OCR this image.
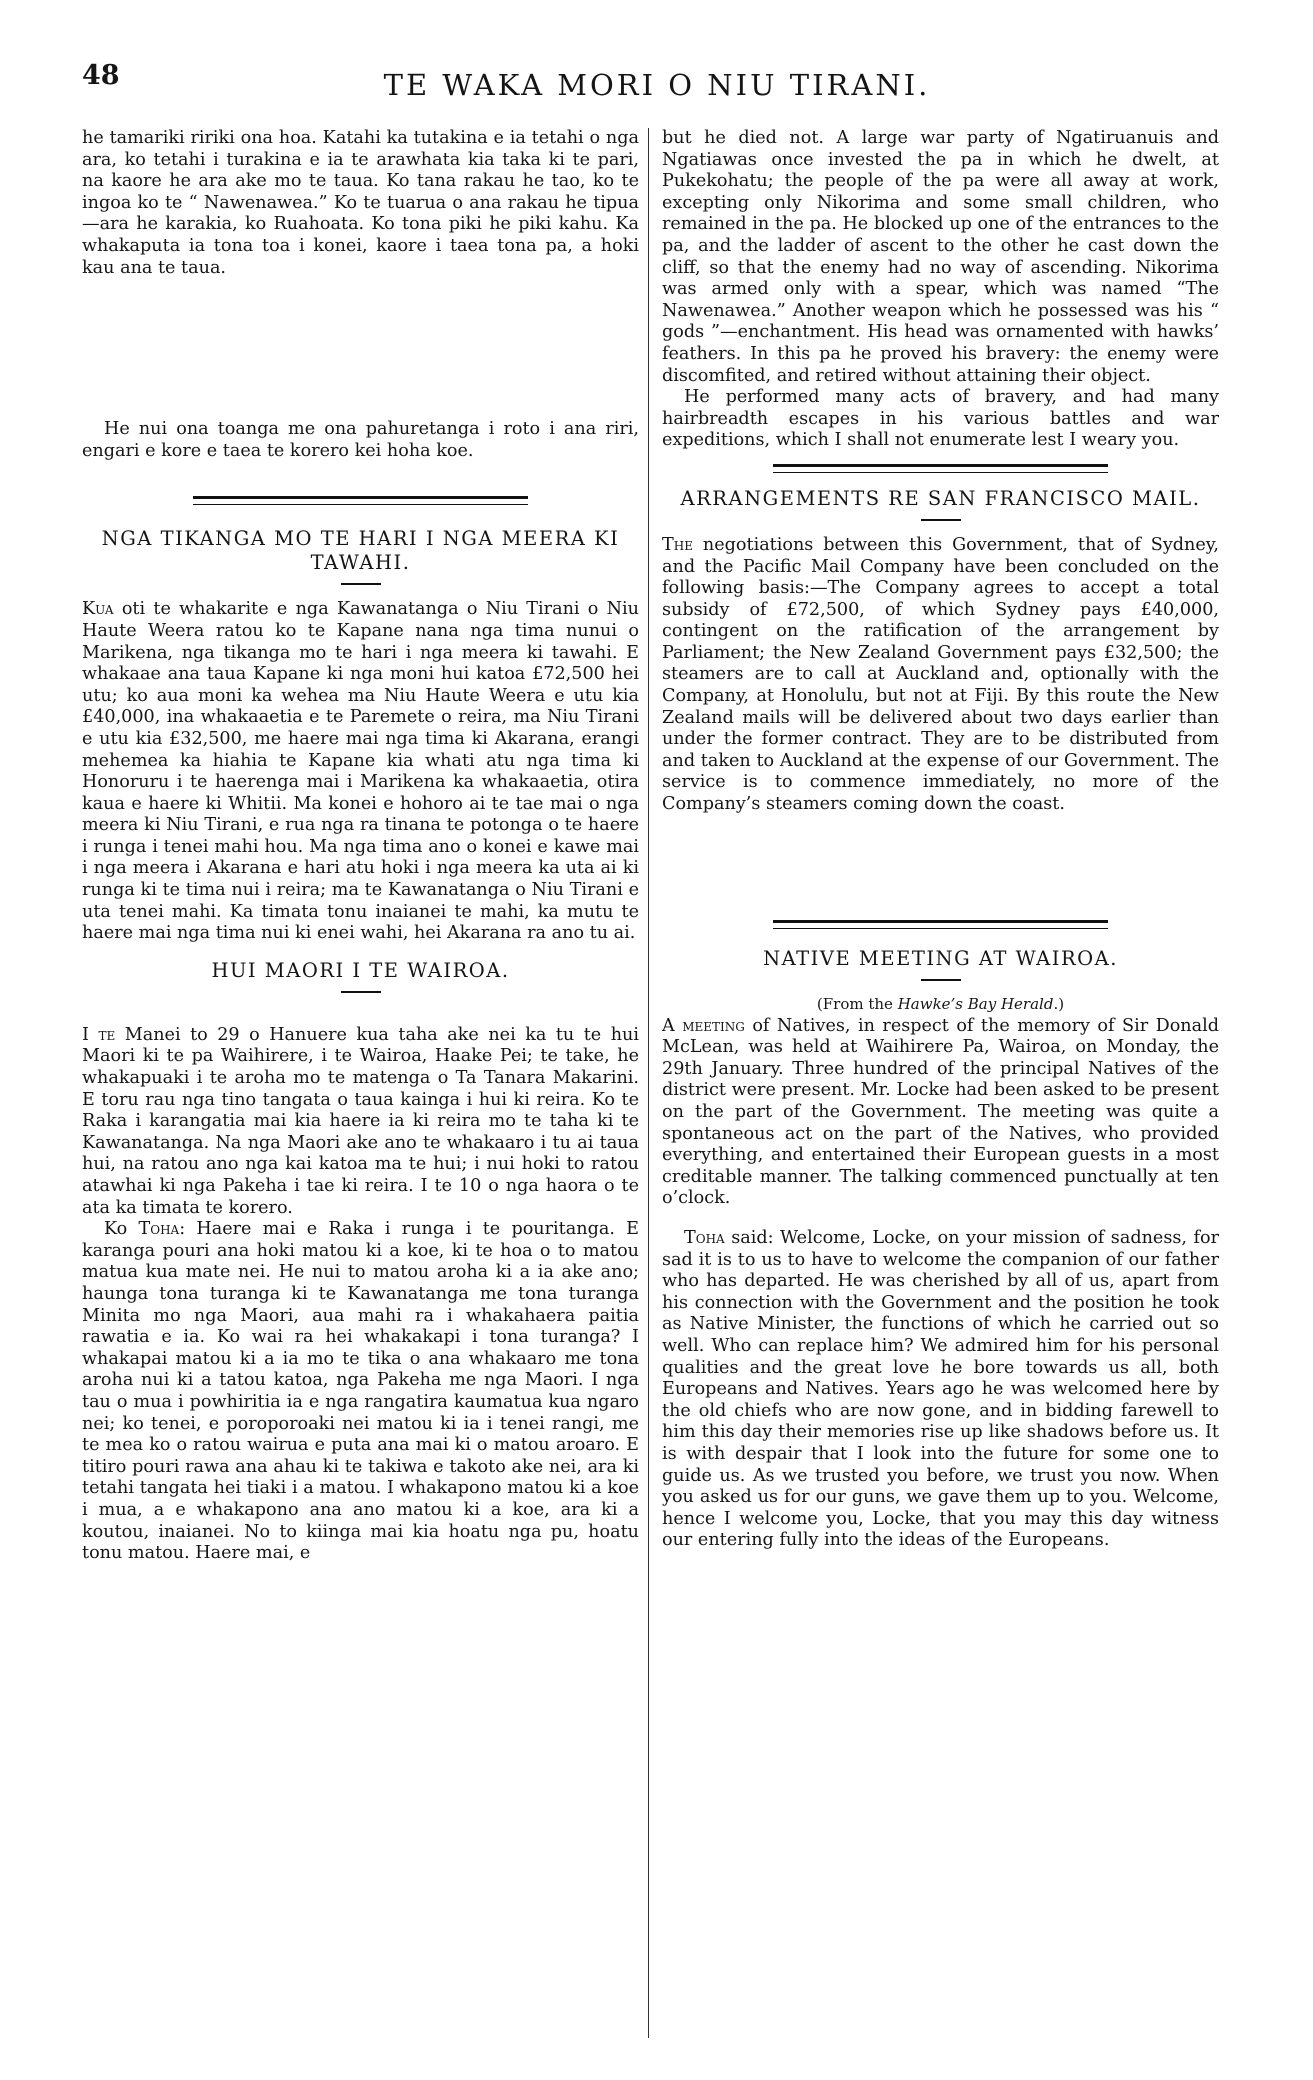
48	TE WAKA MORI O NIU TIRANI.

he tamariki ririki ona hoa. Katahi ka tutakina e ia tetahi o nga ara, ko tetahi i turakina e ia te arawhata kia taka ki te pari, na kaore he ara ake mo te taua. Ko tana rakau he tao, ko te ingoa ko te “ Nawenawea.” Ko te tuarua o ana rakau he tipua—ara he karakia, ko Ruahoata. Ko tona piki he piki kahu. Ka whakaputa ia tona toa i konei, kaore i taea tona pa, a hoki kau ana te taua.

He nui ona toanga me ona pahuretanga i roto i ana riri, engari e kore e taea te korero kei hoha koe.

NGA TIKANGA MO TE HARI I NGA MEERA KI TAWAHI.

Kua oti te whakarite e nga Kawanatanga o Niu Tirani o Niu Haute Weera ratou ko te Kapane nana nga tima nunui o Marikena, nga tikanga mo te hari i nga meera ki tawahi. E whakaae ana taua Kapane ki nga moni hui katoa £72,500 hei utu; ko aua moni ka wehea ma Niu Haute Weera e utu kia £40,000, ina whakaaetia e te Paremete o reira, ma Niu Tirani e utu kia £32,500, me haere mai nga tima ki Akarana, erangi mehemea ka hiahia te Kapane kia whati atu nga tima ki Honoruru i te haerenga mai i Marikena ka whakaaetia, otira kaua e haere ki Whitii. Ma konei e hohoro ai te tae mai o nga meera ki Niu Tirani, e rua nga ra tinana te potonga o te haere i runga i tenei mahi hou. Ma nga tima ano o konei e kawe mai i nga meera i Akarana e hari atu hoki i nga meera ka uta ai ki runga ki te tima nui i reira; ma te Kawanatanga o Niu Tirani e uta tenei mahi. Ka timata tonu inaianei te mahi, ka mutu te haere mai nga tima nui ki enei wahi, hei Akarana ra ano tu ai.

HUI MAORI I TE WAIROA.

I te Manei to 29 o Hanuere kua taha ake nei ka tu te hui Maori ki te pa Waihirere, i te Wairoa, Haake Pei; te take, he whakapuaki i te aroha mo te matenga o Ta Tanara Makarini. E toru rau nga tino tangata o taua kainga i hui ki reira. Ko te Raka i karangatia mai kia haere ia ki reira mo te taha ki te Kawanatanga. Na nga Maori ake ano te whakaaro i tu ai taua hui, na ratou ano nga kai katoa ma te hui; i nui hoki to ratou atawhai ki nga Pakeha i tae ki reira. I te 10 o nga haora o te ata ka timata te korero.

Ko Toha: Haere mai e Raka i runga i te pouritanga. E karanga pouri ana hoki matou ki a koe, ki te hoa o to matou matua kua mate nei. He nui to matou aroha ki a ia ake ano; haunga tona turanga ki te Kawanatanga me tona turanga Minita mo nga Maori, aua mahi ra i whakahaera paitia rawatia e ia. Ko wai ra hei whakakapi i tona turanga? I whakapai matou ki a ia mo te tika o ana whakaaro me tona aroha nui ki a tatou katoa, nga Pakeha me nga Maori. I nga tau o mua i powhiritia ia e nga rangatira kaumatua kua ngaro nei; ko tenei, e poroporoaki nei matou ki ia i tenei rangi, me te mea ko o ratou wairua e puta ana mai ki o matou aroaro. E titiro pouri rawa ana ahau ki te takiwa e takoto ake nei, ara ki tetahi tangata hei tiaki i a matou. I whakapono matou ki a koe i mua, a e whakapono ana ano matou ki a koe, ara ki a koutou, inaianei. No to kiinga mai kia hoatu nga pu, hoatu tonu matou. Haere mai, e

but he died not. A large war party of Ngatiruanuis and Ngatiawas once invested the pa in which he dwelt, at Pukekohatu; the people of the pa were all away at work, excepting only Nikorima and some small children, who remained in the pa. He blocked up one of the entrances to the pa, and the ladder of ascent to the other he cast down the cliff, so that the enemy had no way of ascending. Nikorima was armed only with a spear, which was named “The Nawenawea.” Another weapon which he possessed was his “ gods ”—enchantment. His head was ornamented with hawks’ feathers. In this pa he proved his bravery: the enemy were discomfited, and retired without attaining their object.

He performed many acts of bravery, and had many hairbreadth escapes in his various battles and war expeditions, which I shall not enumerate lest I weary you.

ARRANGEMENTS RE SAN FRANCISCO MAIL.

The negotiations between this Government, that of Sydney, and the Pacific Mail Company have been concluded on the following basis:—The Company agrees to accept a total subsidy of £72,500, of which Sydney pays £40,000, contingent on the ratification of the arrangement by Parliament; the New Zealand Government pays £32,500; the steamers are to call at Auckland and, optionally with the Company, at Honolulu, but not at Fiji. By this route the New Zealand mails will be delivered about two days earlier than under the former contract. They are to be distributed from and taken to Auckland at the expense of our Government. The service is to commence immediately, no more of the Company’s steamers coming down the coast.

NATIVE MEETING AT WAIROA.
(From the Hawke’s Bay Herald.)

A meeting of Natives, in respect of the memory of Sir Donald McLean, was held at Waihirere Pa, Wairoa, on Monday, the 29th January. Three hundred of the principal Natives of the district were present. Mr. Locke had been asked to be present on the part of the Government. The meeting was quite a spontaneous act on the part of the Natives, who provided everything, and entertained their European guests in a most creditable manner. The talking commenced punctually at ten o’clock.

Toha said: Welcome, Locke, on your mission of sadness, for sad it is to us to have to welcome the companion of our father who has departed. He was cherished by all of us, apart from his connection with the Government and the position he took as Native Minister, the functions of which he carried out so well. Who can replace him? We admired him for his personal qualities and the great love he bore towards us all, both Europeans and Natives. Years ago he was welcomed here by the old chiefs who are now gone, and in bidding farewell to him this day their memories rise up like shadows before us. It is with despair that I look into the future for some one to guide us. As we trusted you before, we trust you now. When you asked us for our guns, we gave them up to you. Welcome, hence I welcome you, Locke, that you may this day witness our entering fully into the ideas of the Europeans.
